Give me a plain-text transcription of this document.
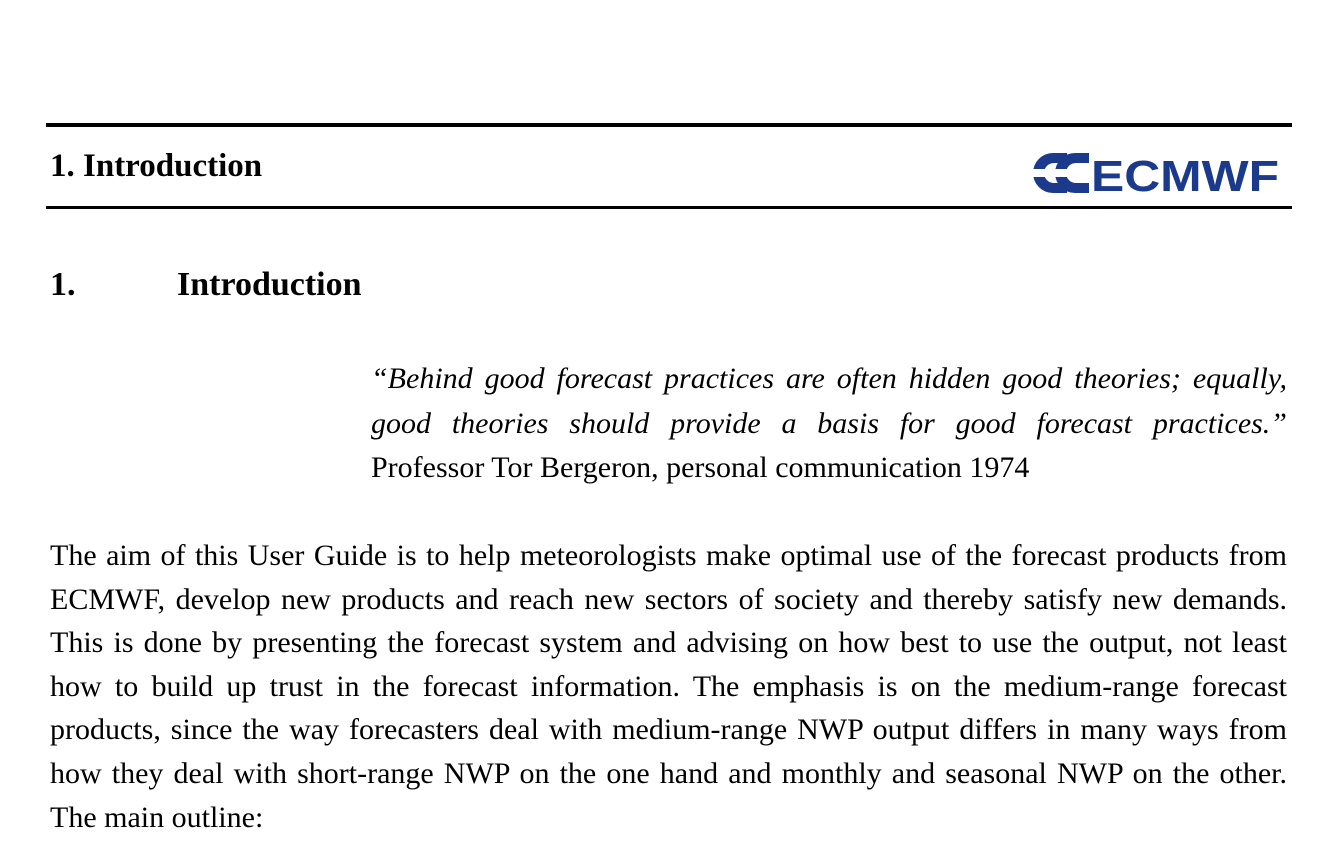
1. Introduction	ECMWF
1.	Introduction
“Behind good forecast practices are often hidden good theories; equally, good theories should provide a basis for good forecast practices.” Professor Tor Bergeron, personal communication 1974
The aim of this User Guide is to help meteorologists make optimal use of the forecast products from ECMWF, develop new products and reach new sectors of society and thereby satisfy new demands. This is done by presenting the forecast system and advising on how best to use the output, not least how to build up trust in the forecast information. The emphasis is on the medium-range forecast products, since the way forecasters deal with medium-range NWP output differs in many ways from how they deal with short-range NWP on the one hand and monthly and seasonal NWP on the other. The main outline:
